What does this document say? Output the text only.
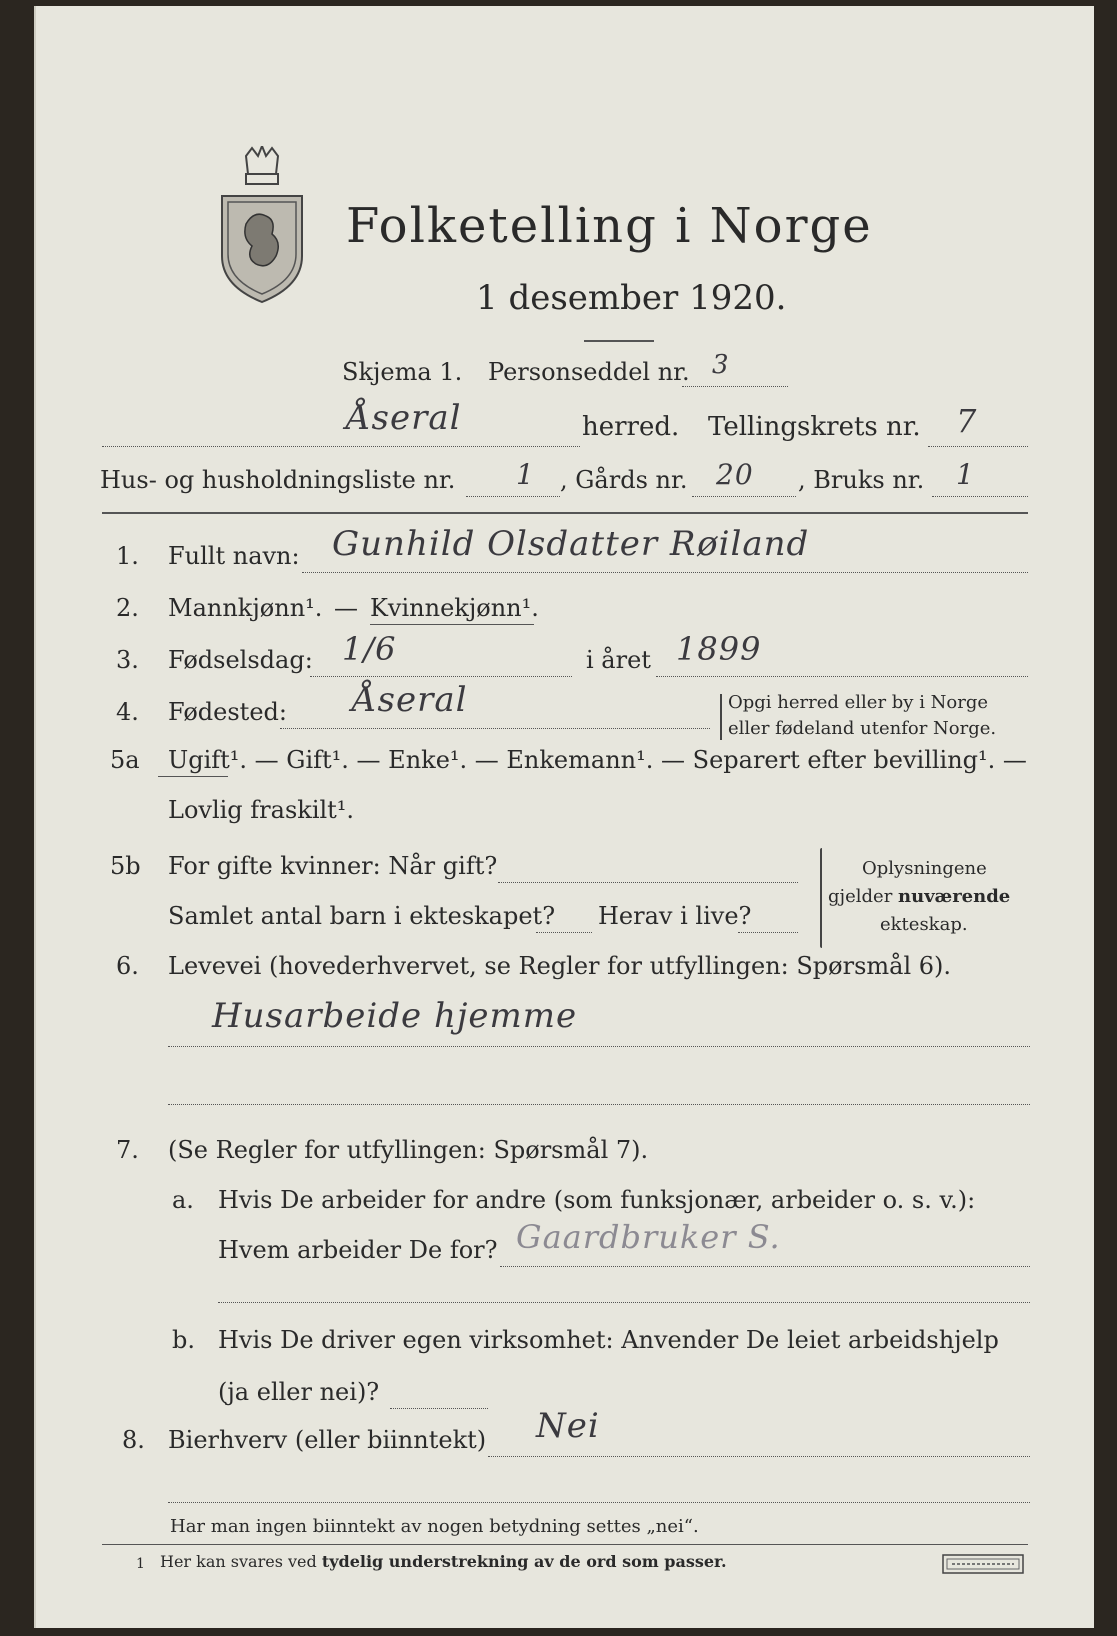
Folketelling i Norge
1 desember 1920.
Skjema 1. Personseddel nr. 3
Åseral	herred. Tellingskrets nr. 7
Hus- og husholdningsliste nr. 1 , Gårds nr. 20 , Bruks nr. 1
1. Fullt navn: Gunhild Olsdatter Røiland
2. Mannkjønn¹. — Kvinnekjønn¹.
3. Fødselsdag: 1/6	i året 1899
4. Fødested: Åseral	Opgi herred eller by i Norge
eller fødeland utenfor Norge.
5a Ugift¹. — Gift¹. — Enke¹. — Enkemann¹. — Separert efter bevilling¹. —
Lovlig fraskilt¹.
5b For gifte kvinner: Når gift?
Samlet antal barn i ekteskapet? Herav i live?
Oplysningene
gjelder nuværende
ekteskap.
6. Levevei (hovederhvervet, se Regler for utfyllingen: Spørsmål 6).
Husarbeide hjemme
7. (Se Regler for utfyllingen: Spørsmål 7).
a. Hvis De arbeider for andre (som funksjonær, arbeider o. s. v.):
Hvem arbeider De for? Gaardbruker S.
b. Hvis De driver egen virksomhet: Anvender De leiet arbeidshjelp
(ja eller nei)?
8. Bierhverv (eller biinntekt) Nei
Har man ingen biinntekt av nogen betydning settes „nei“.
1 Her kan svares ved tydelig understrekning av de ord som passer.
